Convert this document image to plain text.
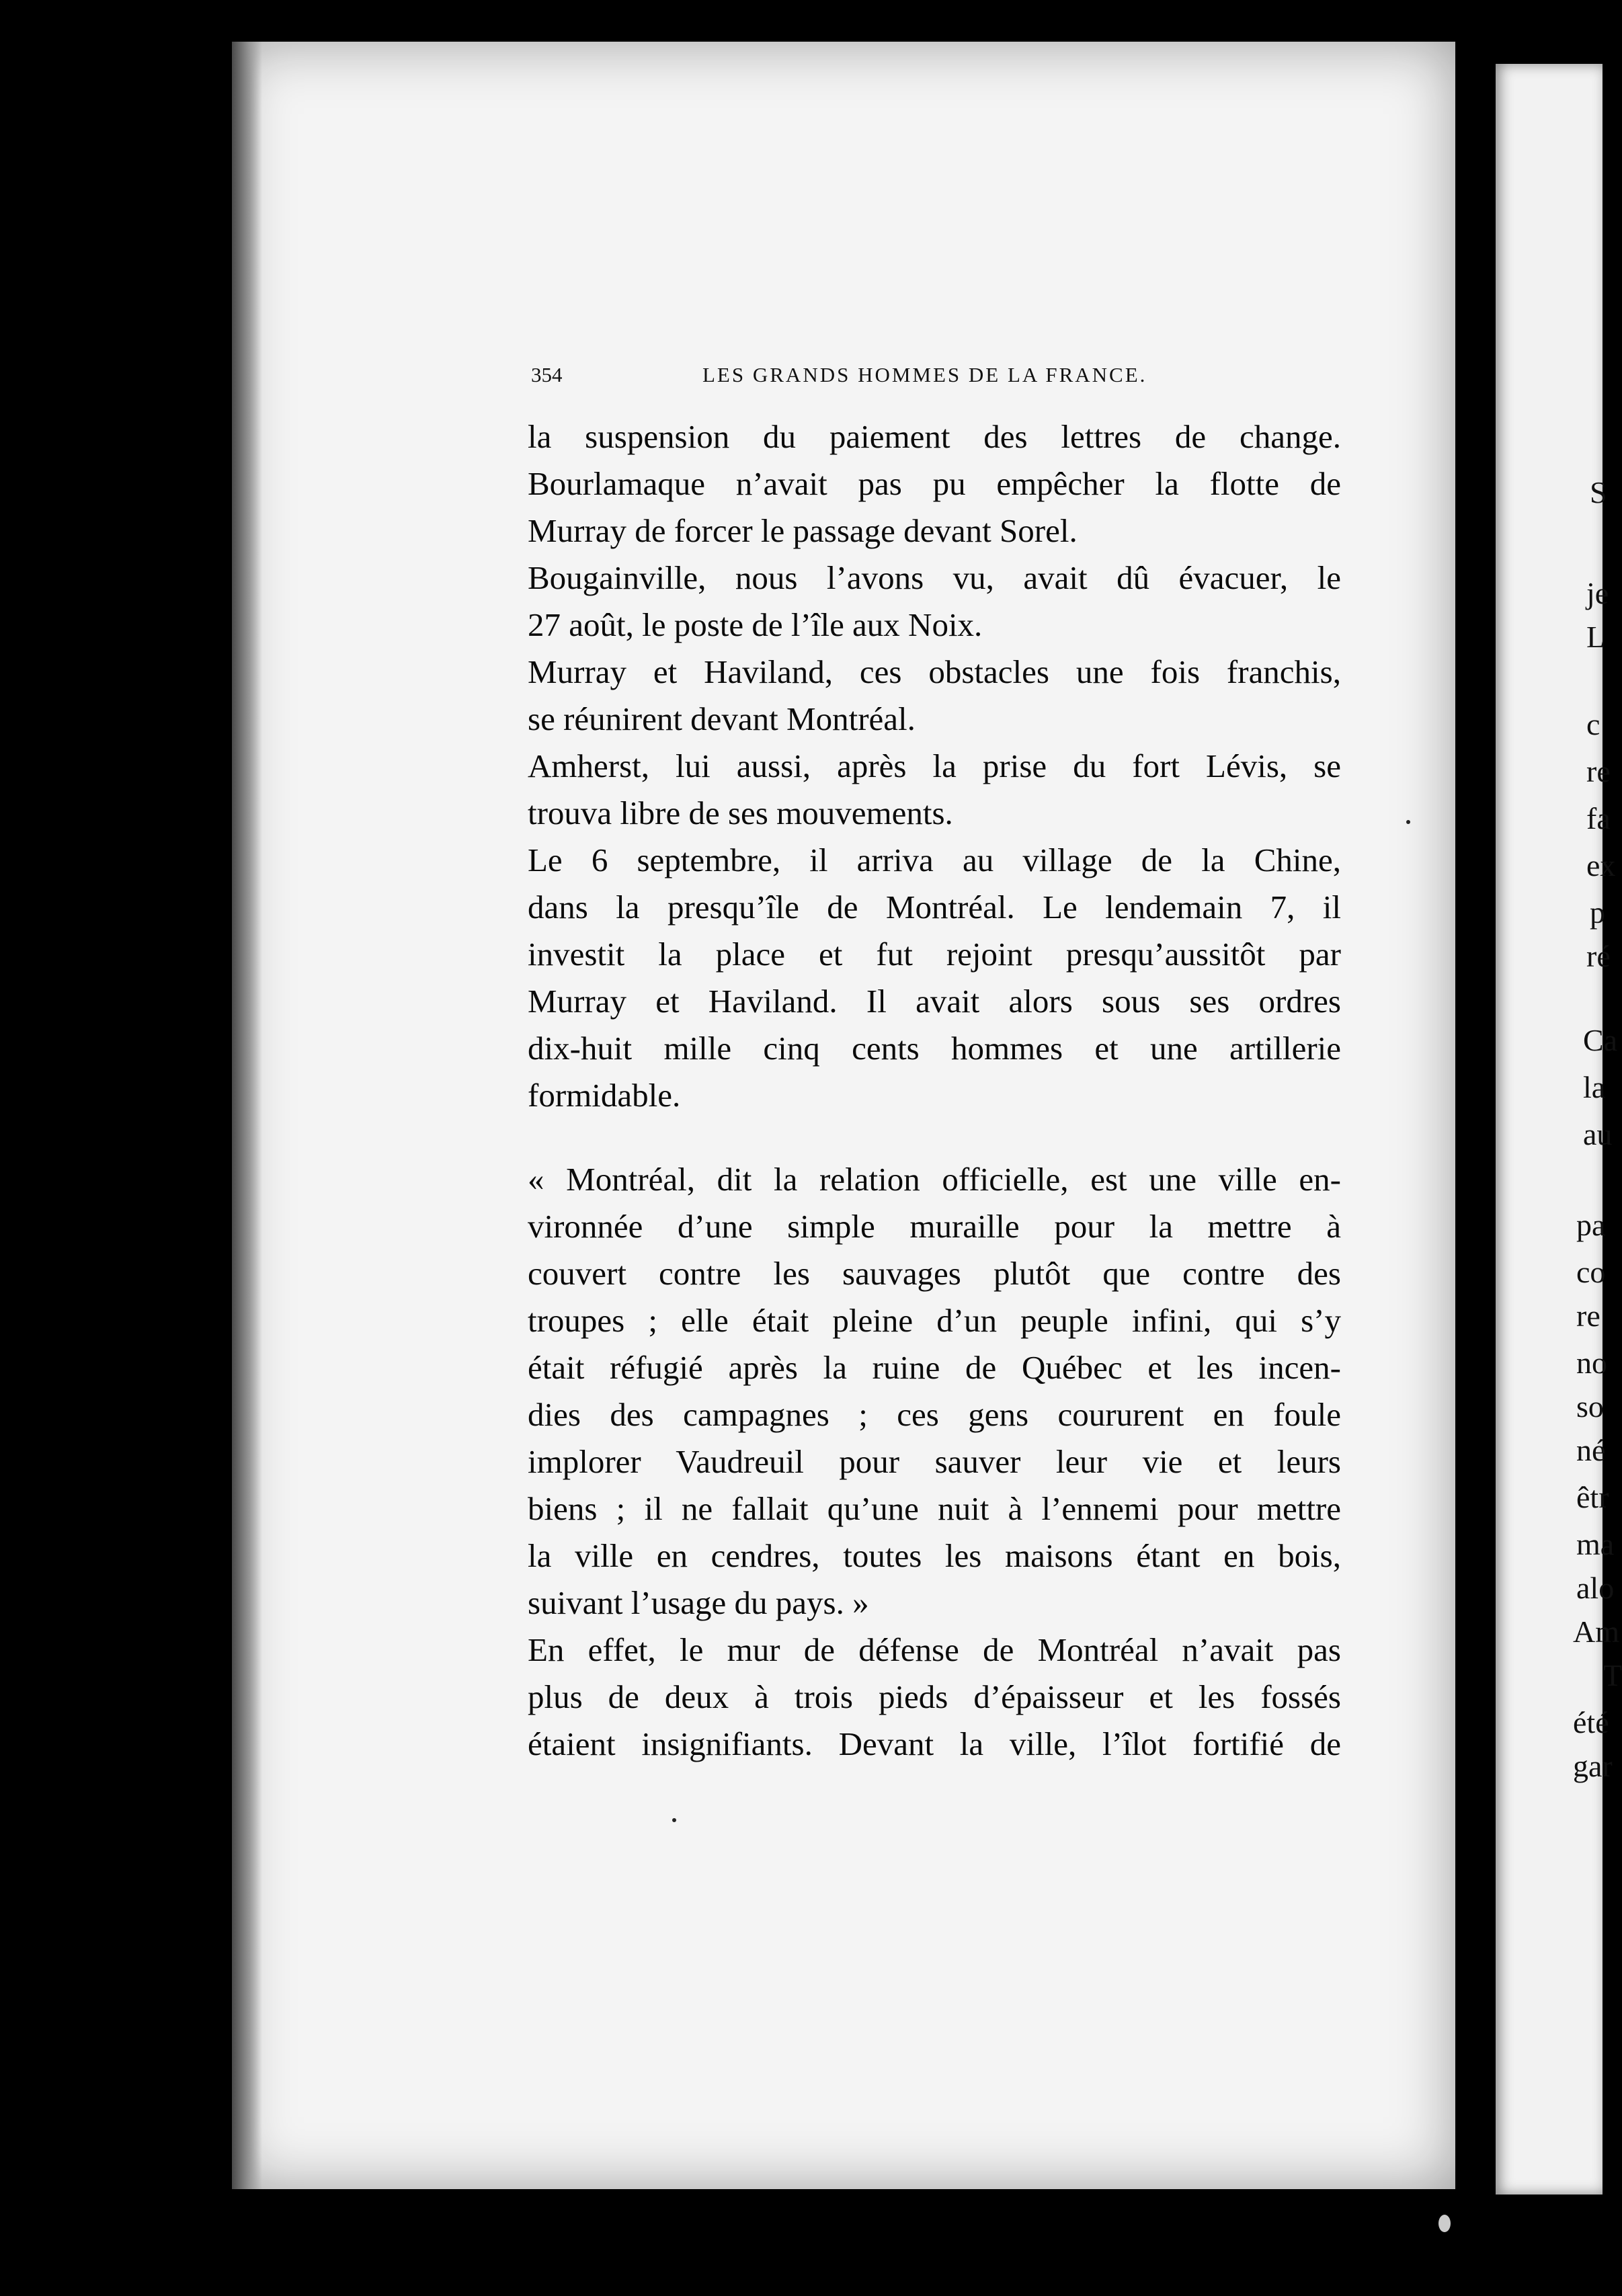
S
je
L
c
re
fa
ex
p
ré
Ca
la
au
pa
co
re
no
so
né
êtr
ma
alo
Am
T
été
gar
354	LES GRANDS HOMMES DE LA FRANCE.
la suspension du paiement des lettres de change.
Bourlamaque n’avait pas pu empêcher la flotte de
Murray de forcer le passage devant Sorel.
Bougainville, nous l’avons vu, avait dû évacuer, le
27 août, le poste de l’île aux Noix.
Murray et Haviland, ces obstacles une fois franchis,
se réunirent devant Montréal.
Amherst, lui aussi, après la prise du fort Lévis, se
trouva libre de ses mouvements.
Le 6 septembre, il arriva au village de la Chine,
dans la presqu’île de Montréal. Le lendemain 7, il
investit la place et fut rejoint presqu’aussitôt par
Murray et Haviland. Il avait alors sous ses ordres
dix-huit mille cinq cents hommes et une artillerie
formidable.
« Montréal, dit la relation officielle, est une ville en-
vironnée d’une simple muraille pour la mettre à
couvert contre les sauvages plutôt que contre des
troupes ; elle était pleine d’un peuple infini, qui s’y
était réfugié après la ruine de Québec et les incen-
dies des campagnes ; ces gens coururent en foule
implorer Vaudreuil pour sauver leur vie et leurs
biens ; il ne fallait qu’une nuit à l’ennemi pour mettre
la ville en cendres, toutes les maisons étant en bois,
suivant l’usage du pays. »
En effet, le mur de défense de Montréal n’avait pas
plus de deux à trois pieds d’épaisseur et les fossés
étaient insignifiants. Devant la ville, l’îlot fortifié de
